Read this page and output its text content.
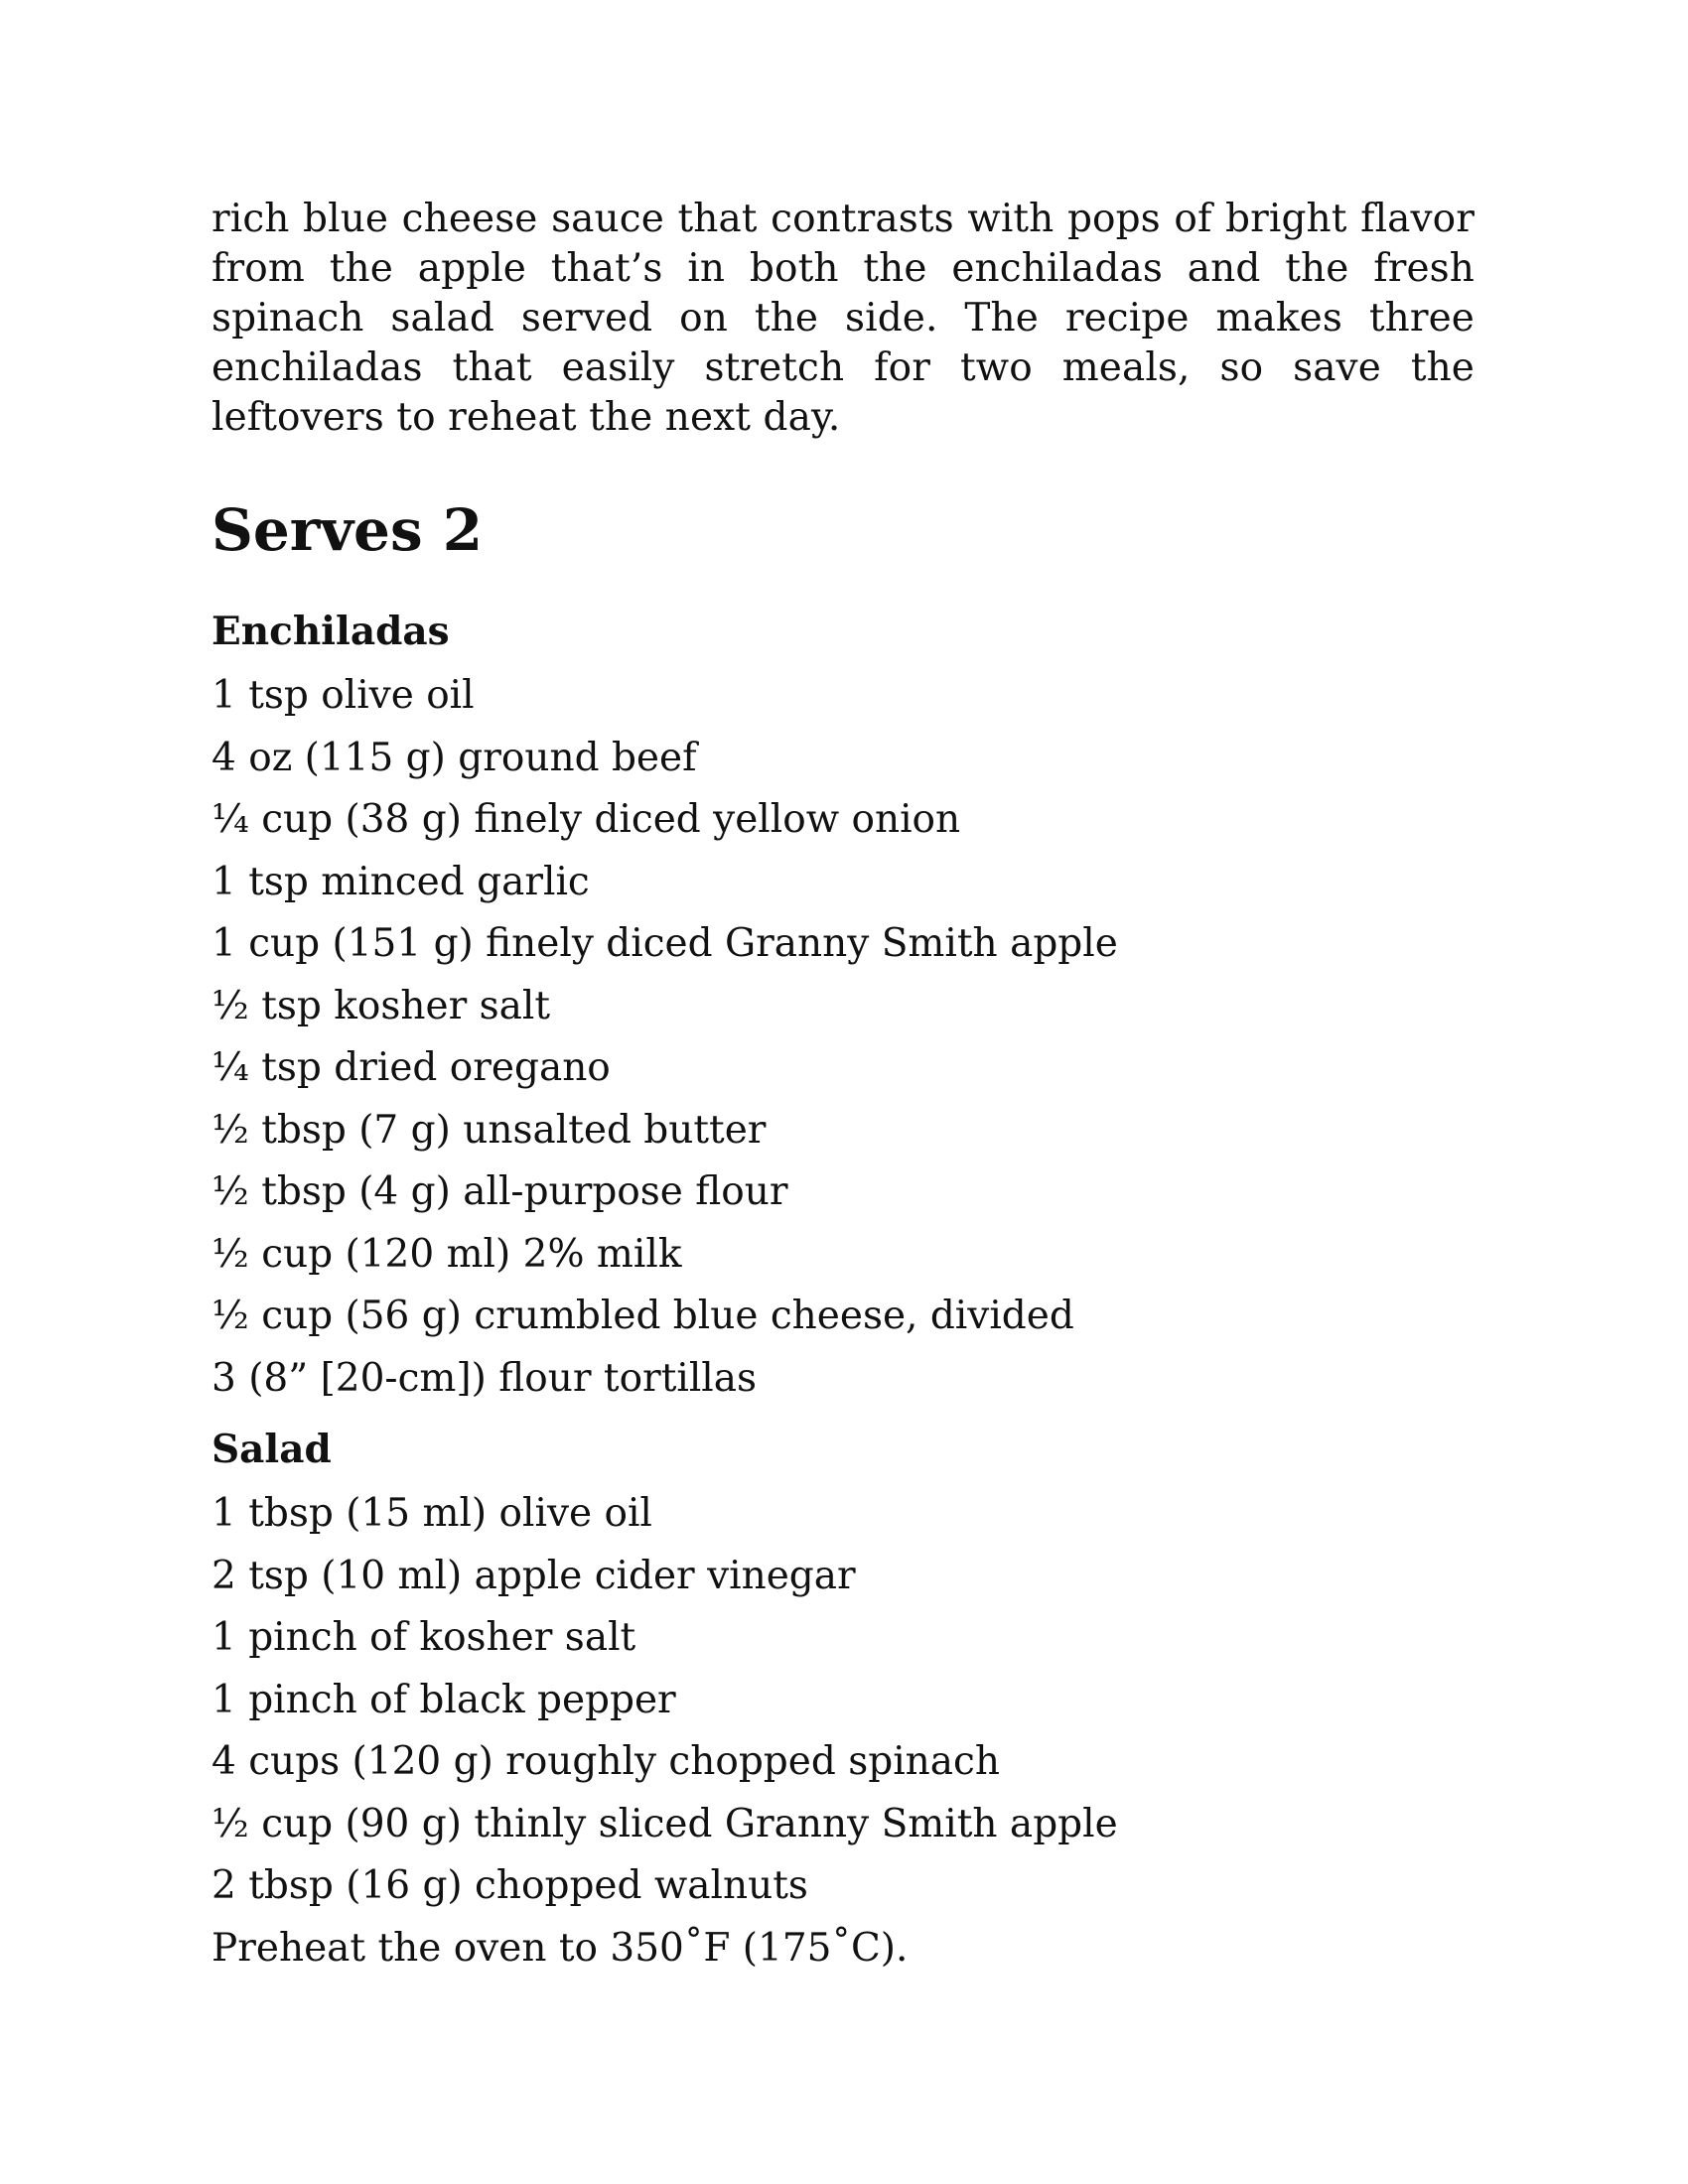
rich blue cheese sauce that contrasts with pops of bright flavor from the apple that’s in both the enchiladas and the fresh spinach salad served on the side. The recipe makes three enchiladas that easily stretch for two meals, so save the leftovers to reheat the next day.

Serves 2
Enchiladas
1 tsp olive oil
4 oz (115 g) ground beef
¼ cup (38 g) finely diced yellow onion
1 tsp minced garlic
1 cup (151 g) finely diced Granny Smith apple
½ tsp kosher salt
¼ tsp dried oregano
½ tbsp (7 g) unsalted butter
½ tbsp (4 g) all-purpose flour
½ cup (120 ml) 2% milk
½ cup (56 g) crumbled blue cheese, divided
3 (8” [20-cm]) flour tortillas
Salad
1 tbsp (15 ml) olive oil
2 tsp (10 ml) apple cider vinegar
1 pinch of kosher salt
1 pinch of black pepper
4 cups (120 g) roughly chopped spinach
½ cup (90 g) thinly sliced Granny Smith apple
2 tbsp (16 g) chopped walnuts

Preheat the oven to 350˚F (175˚C).
